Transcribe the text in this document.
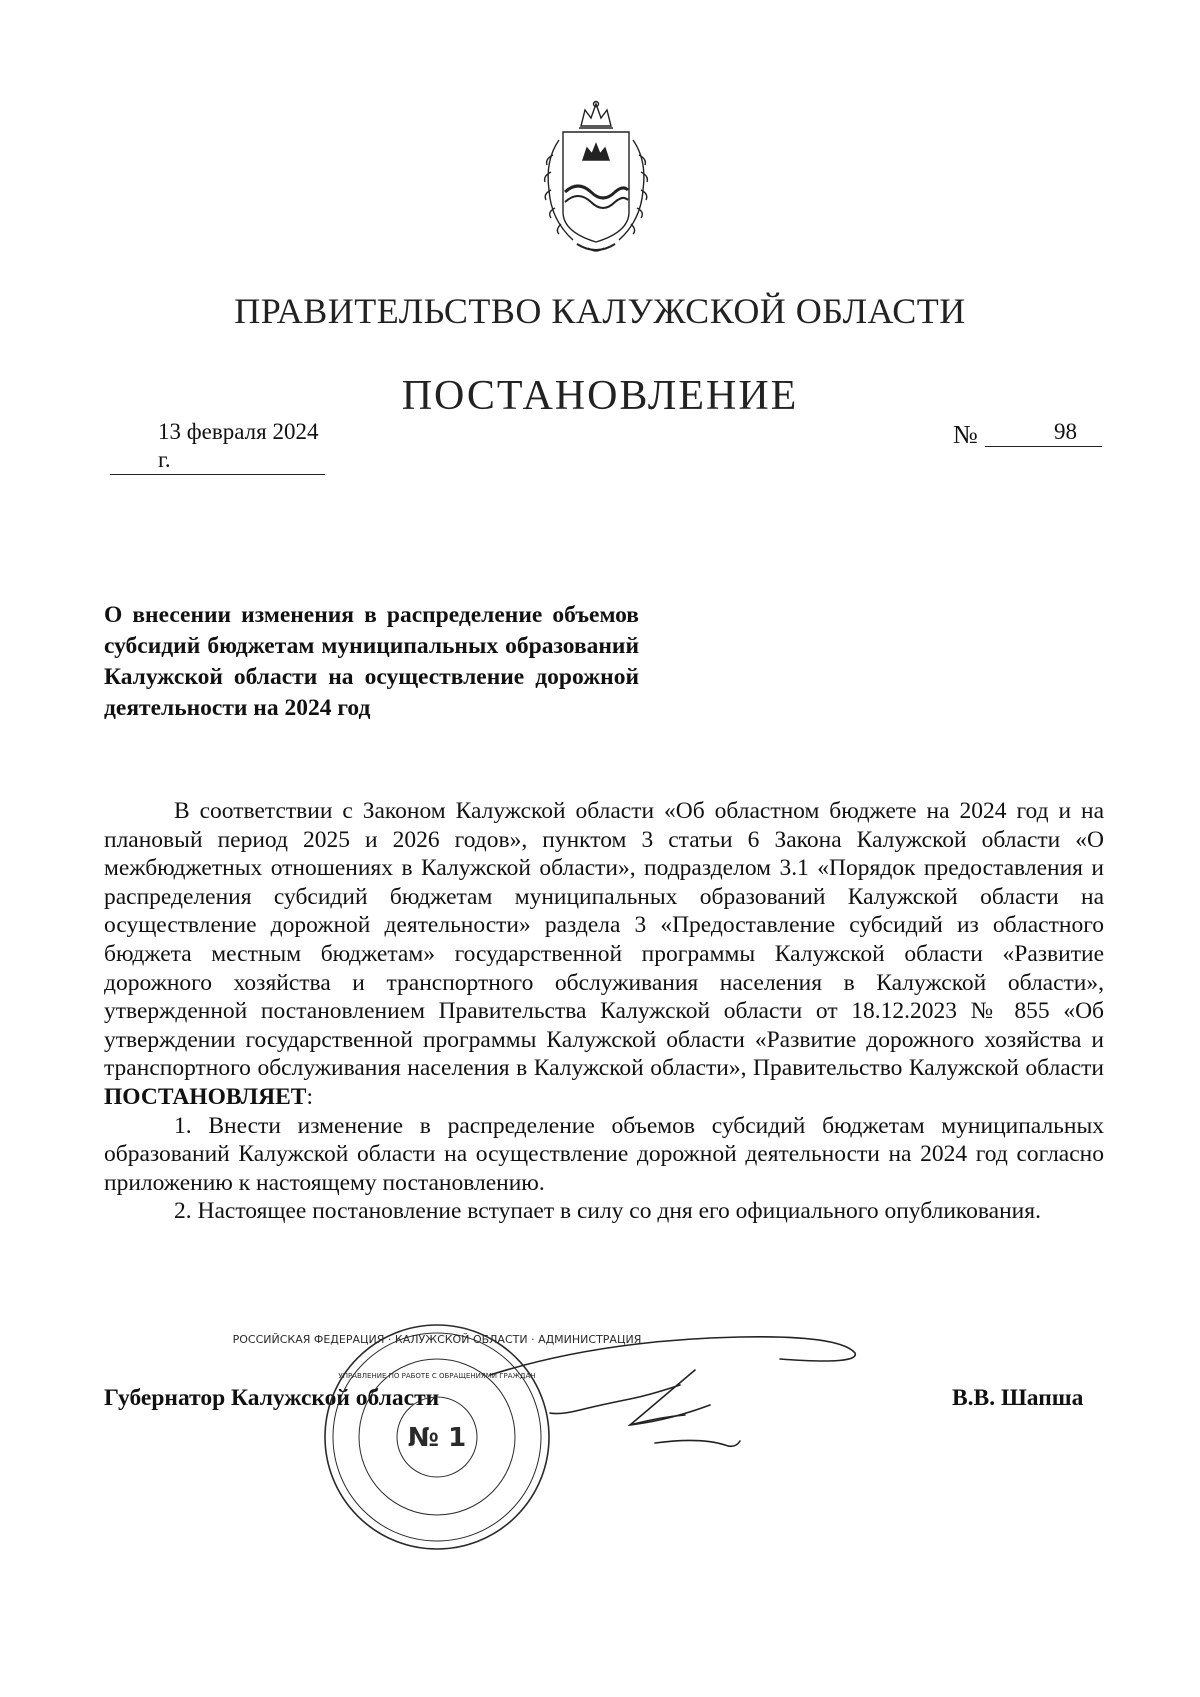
ПРАВИТЕЛЬСТВО КАЛУЖСКОЙ ОБЛАСТИ
ПОСТАНОВЛЕНИЕ
13 февраля 2024 г.
№	98
О внесении изменения в распределение объемов субсидий бюджетам муниципальных образований Калужской области на осуществление дорожной деятельности на 2024 год

В соответствии с Законом Калужской области «Об областном бюджете на 2024 год и на плановый период 2025 и 2026 годов», пунктом 3 статьи 6 Закона Калужской области «О межбюджетных отношениях в Калужской области», подразделом 3.1 «Порядок предоставления и распределения субсидий бюджетам муниципальных образований Калужской области на осуществление дорожной деятельности» раздела 3 «Предоставление субсидий из областного бюджета местным бюджетам» государственной программы Калужской области «Развитие дорожного хозяйства и транспортного обслуживания населения в Калужской области», утвержденной постановлением Правительства Калужской области от 18.12.2023 № 855 «Об утверждении государственной программы Калужской области «Развитие дорожного хозяйства и транспортного обслуживания населения в Калужской области», Правительство Калужской области ПОСТАНОВЛЯЕТ:

1. Внести изменение в распределение объемов субсидий бюджетам муниципальных образований Калужской области на осуществление дорожной деятельности на 2024 год согласно приложению к настоящему постановлению.

2. Настоящее постановление вступает в силу со дня его официального опубликования.

Губернатор Калужской области	В.В. Шапша
№ 1
РОССИЙСКАЯ ФЕДЕРАЦИЯ · КАЛУЖСКОЙ ОБЛАСТИ · АДМИНИСТРАЦИЯ
УПРАВЛЕНИЕ ПО РАБОТЕ С ОБРАЩЕНИЯМИ ГРАЖДАН
